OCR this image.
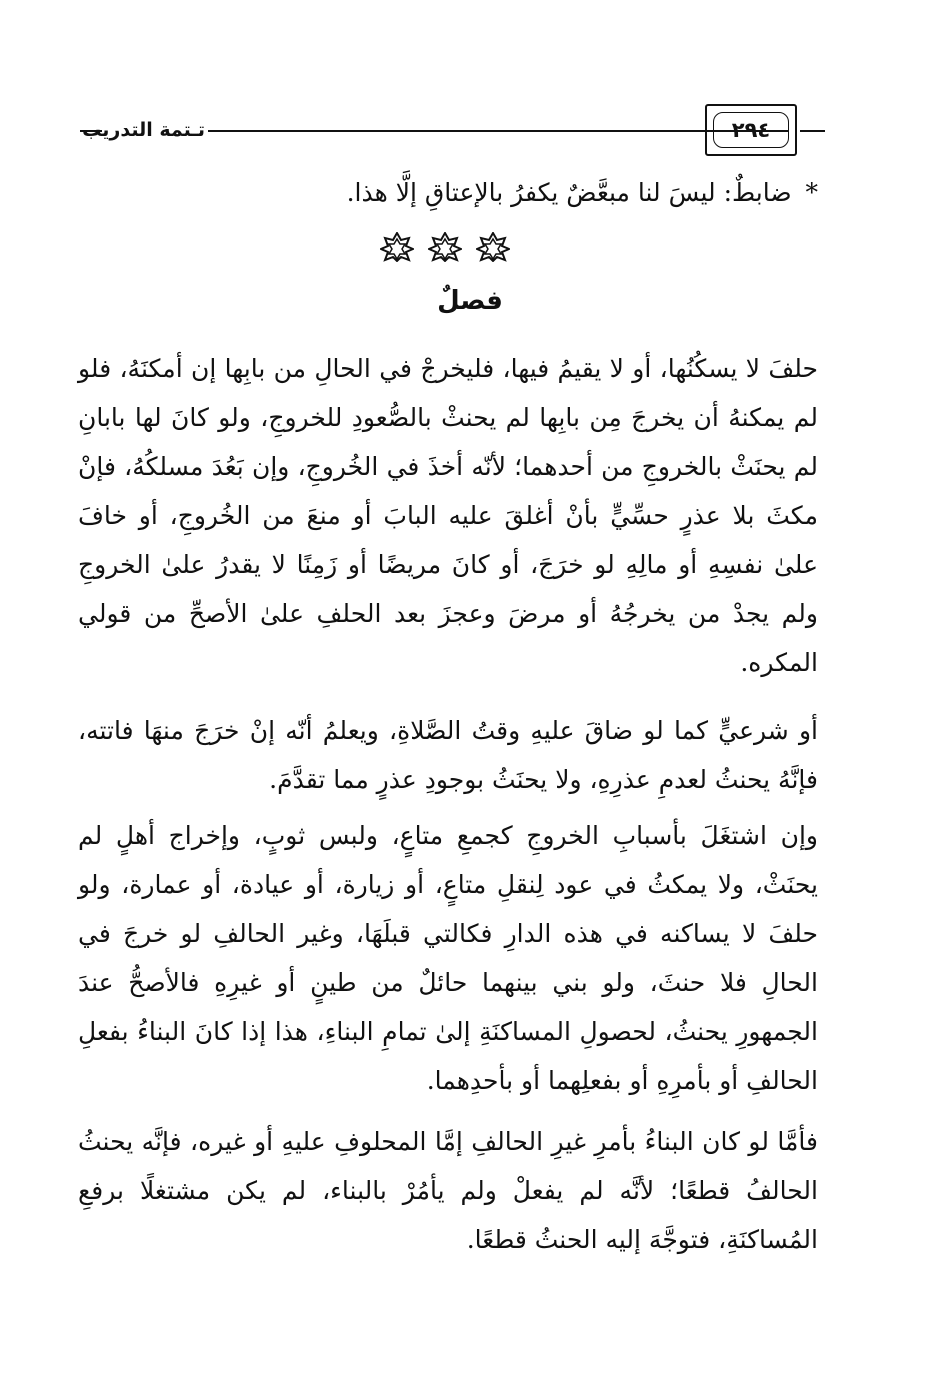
تـتمة التدريب	٢٩٤
* ضابطٌ: ليسَ لنا مبعَّضٌ يكفرُ بالإعتاقِ إلَّا هذا.
فصلٌ

حلفَ لا يسكُنُها، أو لا يقيمُ فيها، فليخرجْ في الحالِ من بابِها إن أمكنَهُ، فلو لم يمكنهُ أن يخرجَ مِن بابِها لم يحنثْ بالصُّعودِ للخروجِ، ولو كانَ لها بابانِ لم يحنَثْ بالخروجِ من أحدهما؛ لأنّه أخذَ في الخُروجِ، وإن بَعُدَ مسلكُهُ، فإنْ مكثَ بلا عذرٍ حسِّيٍّ بأنْ أغلقَ عليه البابَ أو منعَ من الخُروجِ، أو خافَ علىٰ نفسِهِ أو مالِهِ لو خرَجَ، أو كانَ مريضًا أو زَمِنًا لا يقدرُ علىٰ الخروجِ ولم يجدْ من يخرجُهُ أو مرضَ وعجزَ بعد الحلفِ علىٰ الأصحِّ من قولي المكره.

أو شرعيٍّ كما لو ضاقَ عليهِ وقتُ الصَّلاةِ، ويعلمُ أنّه إنْ خرَجَ منهَا فاتته، فإنَّهُ يحنثُ لعدمِ عذرِهِ، ولا يحنَثُ بوجودِ عذرٍ مما تقدَّمَ.

وإن اشتغَلَ بأسبابِ الخروجِ كجمعِ متاعٍ، ولبس ثوبٍ، وإخراج أهلٍ لم يحنَثْ، ولا يمكثُ في عود لِنقلِ متاعٍ، أو زيارة، أو عيادة، أو عمارة، ولو حلفَ لا يساكنه في هذه الدارِ فكالتي قبلَهَا، وغير الحالفِ لو خرجَ في الحالِ فلا حنثَ، ولو بني بينهما حائلٌ من طينٍ أو غيرِهِ فالأصحُّ عندَ الجمهورِ يحنثُ، لحصولِ المساكنَةِ إلىٰ تمامِ البناءِ، هذا إذا كانَ البناءُ بفعلِ الحالفِ أو بأمرِهِ أو بفعلِهما أو بأحدِهما.

فأمَّا لو كان البناءُ بأمرِ غيرِ الحالفِ إمَّا المحلوفِ عليهِ أو غيره، فإنَّه يحنثُ الحالفُ قطعًا؛ لأنَّه لم يفعلْ ولم يأمُرْ بالبناء، لم يكن مشتغلًا برفعِ المُساكنَةِ، فتوجَّهَ إليه الحنثُ قطعًا.
